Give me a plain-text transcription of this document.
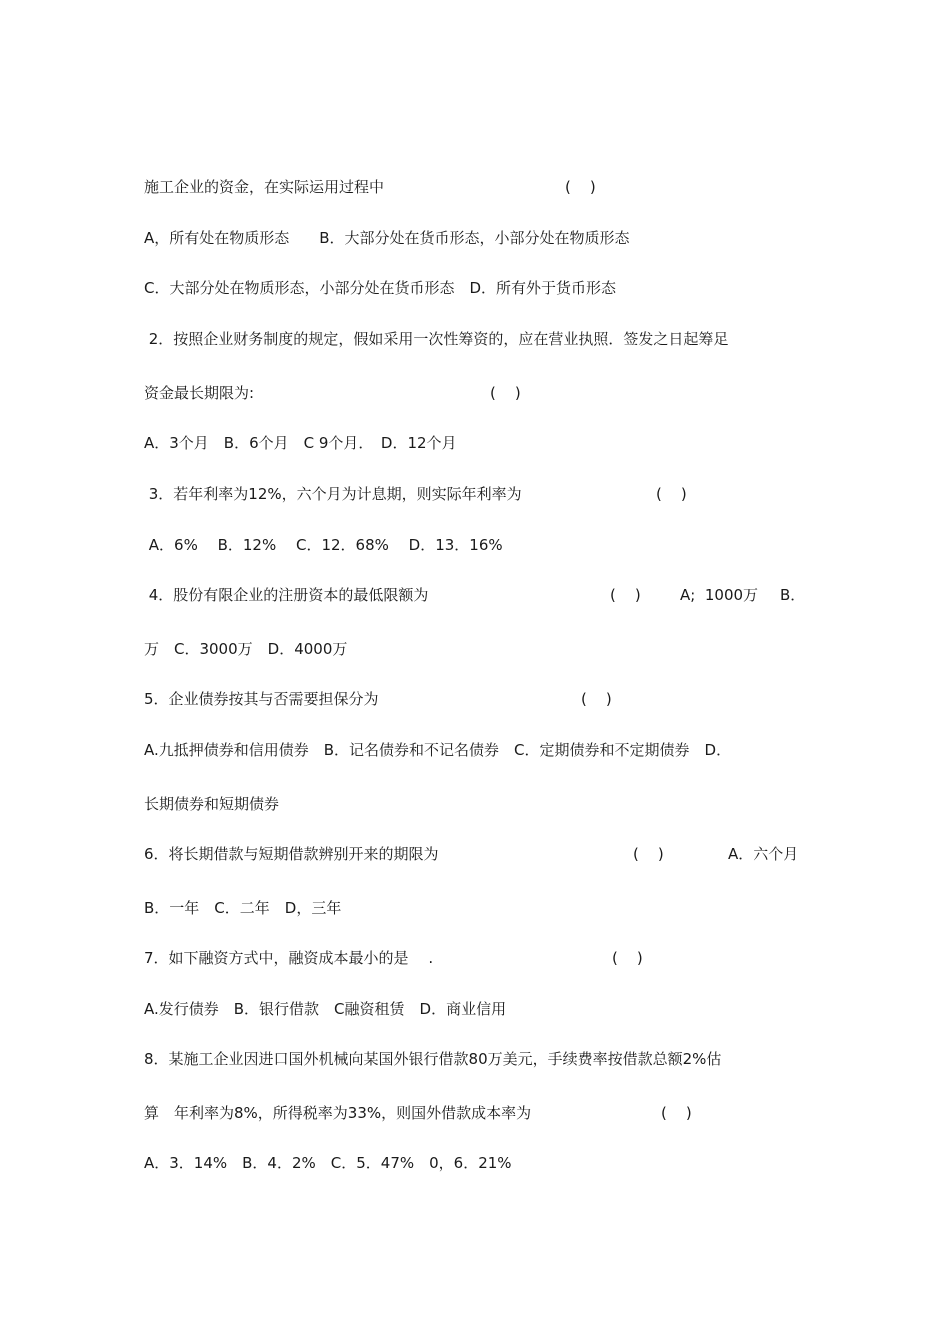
施工企业的资金，在实际运用过程中	(    )
A，所有处在物质形态　　B．大部分处在货币形态，小部分处在物质形态
C．大部分处在物质形态，小部分处在货币形态　D．所有外于货币形态
2．按照企业财务制度的规定，假如采用一次性筹资的，应在营业执照．签发之日起筹足
资金最长期限为:	(    )
A．3个月　B．6个月　C 9个月．　D．12个月
3．若年利率为12%，六个月为计息期，则实际年利率为	(    )
A．6%　 B．12%　 C．12．68%　 D．13．16%
4．股份有限企业的注册资本的最低限额为	(    )	A;  1000万 B．
万　C．3000万　D．4000万
5．企业债券按其与否需要担保分为	(    )
A.九抵押债券和信用债券　B．记名债券和不记名债券　C．定期债券和不定期债券　D．
长期债券和短期债券
6．将长期借款与短期借款辨别开来的期限为	(    )	A．六个月
B．一年　C．二年　D，三年
7．如下融资方式中，融资成本最小的是　 .	(    )
A.发行债券　B．银行借款　C融资租赁　D．商业信用
8．某施工企业因进口国外机械向某国外银行借款80万美元，手续费率按借款总额2%估
算　年利率为8%，所得税率为33%，则国外借款成本率为	(    )
A．3．14%　B．4．2%　C．5．47%　0，6．21%
